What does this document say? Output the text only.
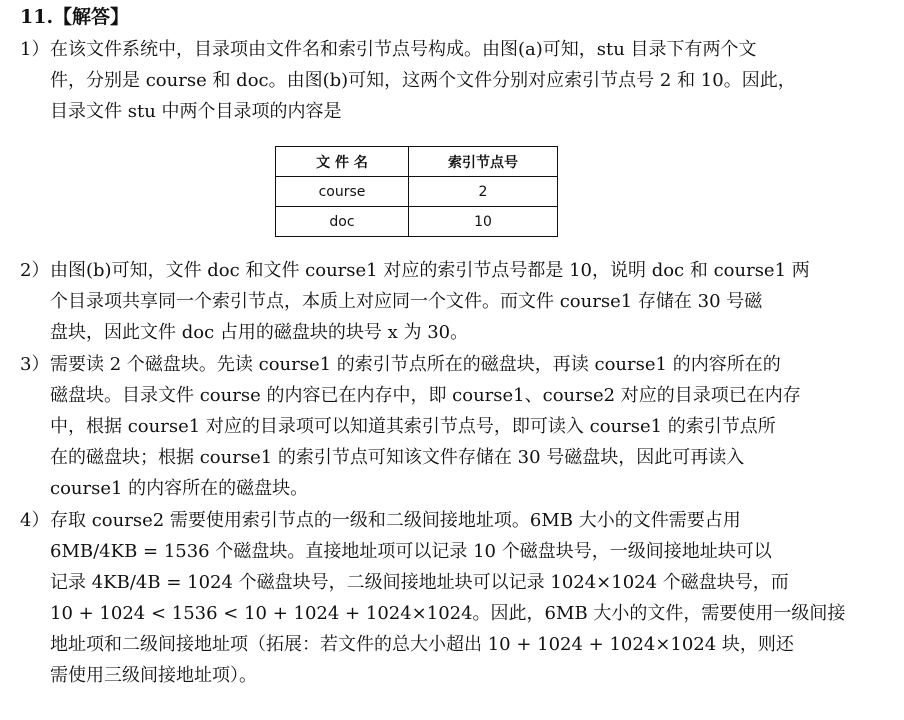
11.【解答】
1）在该文件系统中，目录项由文件名和索引节点号构成。由图(a)可知，stu 目录下有两个文
件，分别是 course 和 doc。由图(b)可知，这两个文件分别对应索引节点号 2 和 10。因此，
目录文件 stu 中两个目录项的内容是
文 件 名	索引节点号
course	2
doc	10
2）由图(b)可知，文件 doc 和文件 course1 对应的索引节点号都是 10，说明 doc 和 course1 两
个目录项共享同一个索引节点，本质上对应同一个文件。而文件 course1 存储在 30 号磁
盘块，因此文件 doc 占用的磁盘块的块号 x 为 30。
3）需要读 2 个磁盘块。先读 course1 的索引节点所在的磁盘块，再读 course1 的内容所在的
磁盘块。目录文件 course 的内容已在内存中，即 course1、course2 对应的目录项已在内存
中，根据 course1 对应的目录项可以知道其索引节点号，即可读入 course1 的索引节点所
在的磁盘块；根据 course1 的索引节点可知该文件存储在 30 号磁盘块，因此可再读入
course1 的内容所在的磁盘块。
4）存取 course2 需要使用索引节点的一级和二级间接地址项。6MB 大小的文件需要占用
6MB/4KB = 1536 个磁盘块。直接地址项可以记录 10 个磁盘块号，一级间接地址块可以
记录 4KB/4B = 1024 个磁盘块号，二级间接地址块可以记录 1024×1024 个磁盘块号，而
10 + 1024 < 1536 < 10 + 1024 + 1024×1024。因此，6MB 大小的文件，需要使用一级间接
地址项和二级间接地址项（拓展：若文件的总大小超出 10 + 1024 + 1024×1024 块，则还
需使用三级间接地址项）。
